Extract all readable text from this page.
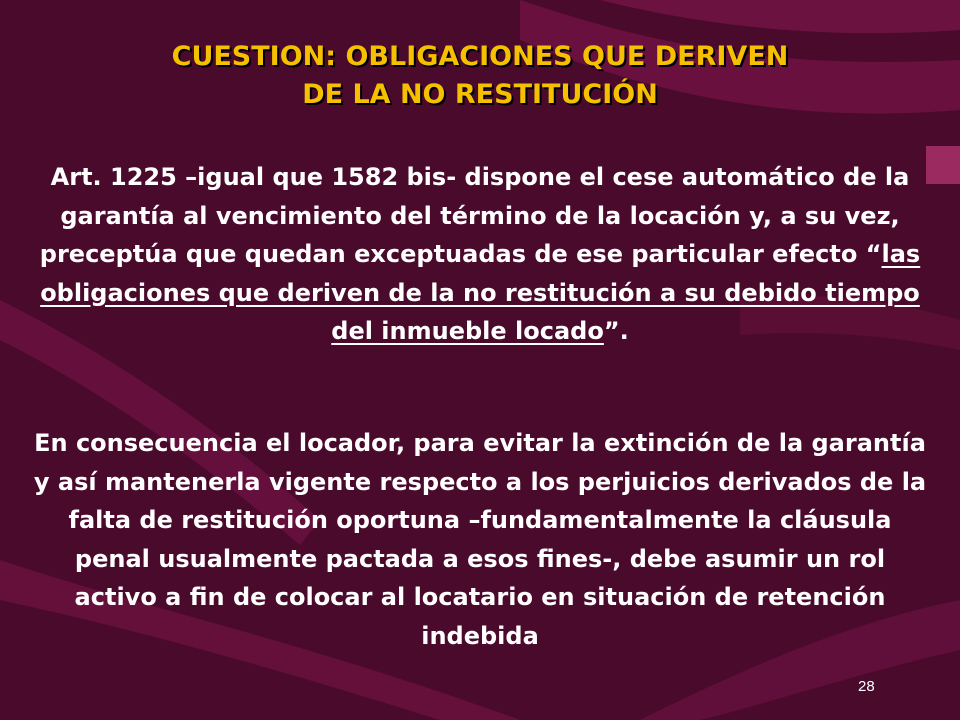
CUESTION: OBLIGACIONES QUE DERIVEN
DE LA NO RESTITUCIÓN

Art. 1225 –igual que 1582 bis- dispone el cese automático de la garantía al vencimiento del término de la locación y, a su vez, preceptúa que quedan exceptuadas de ese particular efecto “las obligaciones que deriven de la no restitución a su debido tiempo del inmueble locado”.

En consecuencia el locador, para evitar la extinción de la garantía y así mantenerla vigente respecto a los perjuicios derivados de la falta de restitución oportuna –fundamentalmente la cláusula penal usualmente pactada a esos fines-, debe asumir un rol activo a fin de colocar al locatario en situación de retención indebida

28
